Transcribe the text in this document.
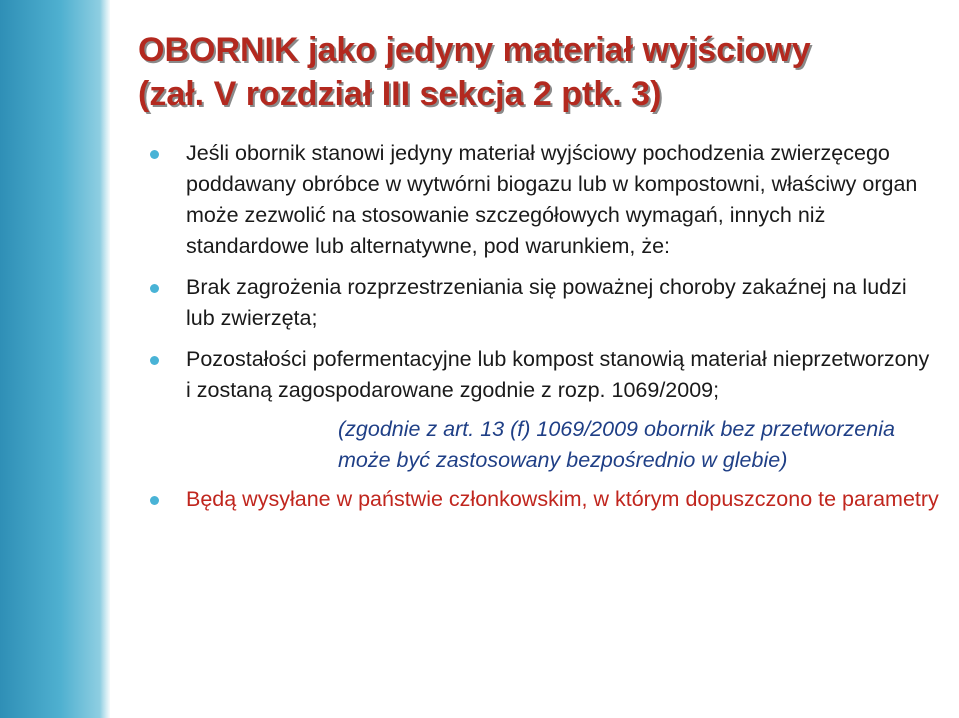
OBORNIK jako jedyny materiał wyjściowy
(zał. V rozdział III sekcja 2 ptk. 3)
Jeśli obornik stanowi jedyny materiał wyjściowy pochodzenia zwierzęcego poddawany obróbce w wytwórni biogazu lub w kompostowni, właściwy organ może zezwolić na stosowanie szczegółowych wymagań, innych niż standardowe lub alternatywne, pod warunkiem, że:
Brak zagrożenia rozprzestrzeniania się poważnej choroby zakaźnej na ludzi lub zwierzęta;
Pozostałości pofermentacyjne lub kompost stanowią materiał nieprzetworzony i zostaną zagospodarowane zgodnie z rozp. 1069/2009;
(zgodnie z art. 13 (f) 1069/2009 obornik bez przetworzenia może być zastosowany bezpośrednio w glebie)
Będą wysyłane w państwie członkowskim, w którym dopuszczono te parametry
